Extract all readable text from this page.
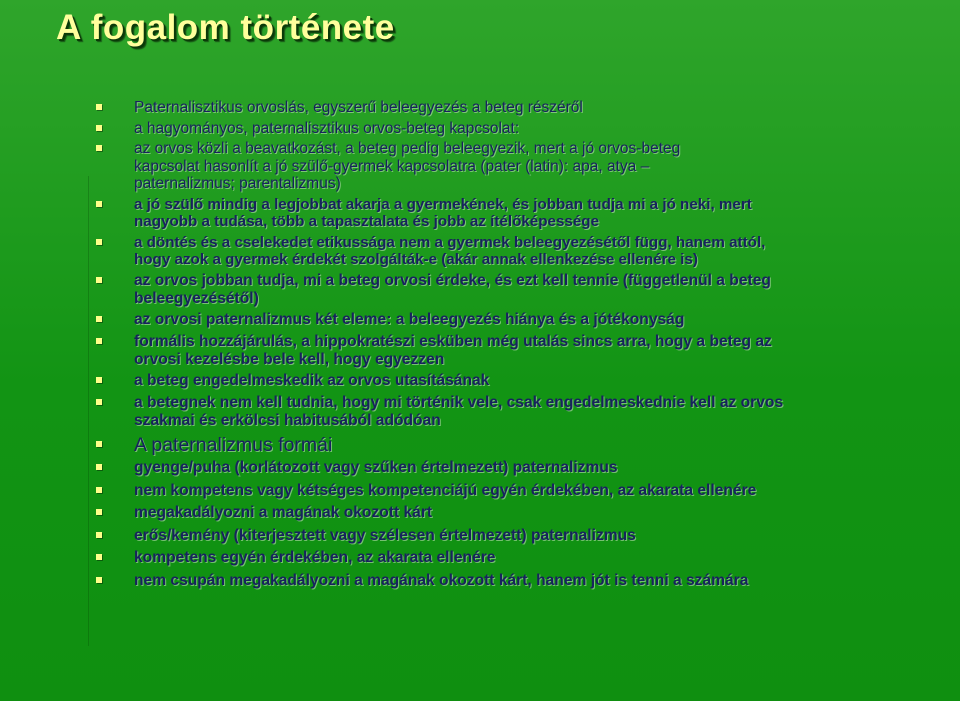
A fogalom története
Paternalisztikus orvoslás, egyszerű beleegyezés a beteg részéről
a hagyományos, paternalisztikus orvos-beteg kapcsolat:
az orvos közli a beavatkozást, a beteg pedig beleegyezik, mert a jó orvos-beteg
kapcsolat hasonlít a jó szülő-gyermek kapcsolatra (pater (latin): apa, atya –
paternalizmus; parentalizmus)
a jó szülő mindig a legjobbat akarja a gyermekének, és jobban tudja mi a jó neki, mert
nagyobb a tudása, több a tapasztalata és jobb az ítélőképessége
a döntés és a cselekedet etikussága nem a gyermek beleegyezésétől függ, hanem attól,
hogy azok a gyermek érdekét szolgálták-e (akár annak ellenkezése ellenére is)
az orvos jobban tudja, mi a beteg orvosi érdeke, és ezt kell tennie (függetlenül a beteg
beleegyezésétől)
az orvosi paternalizmus két eleme: a beleegyezés hiánya és a jótékonyság
formális hozzájárulás, a hippokratészi esküben még utalás sincs arra, hogy a beteg az
orvosi kezelésbe bele kell, hogy egyezzen
a beteg engedelmeskedik az orvos utasításának
a betegnek nem kell tudnia, hogy mi történik vele, csak engedelmeskednie kell az orvos
szakmai és erkölcsi habitusából adódóan
A paternalizmus formái
gyenge/puha (korlátozott vagy szűken értelmezett) paternalizmus
nem kompetens vagy kétséges kompetenciájú egyén érdekében, az akarata ellenére
megakadályozni a magának okozott kárt
erős/kemény (kiterjesztett vagy szélesen értelmezett) paternalizmus
kompetens egyén érdekében, az akarata ellenére
nem csupán megakadályozni a magának okozott kárt, hanem jót is tenni a számára
